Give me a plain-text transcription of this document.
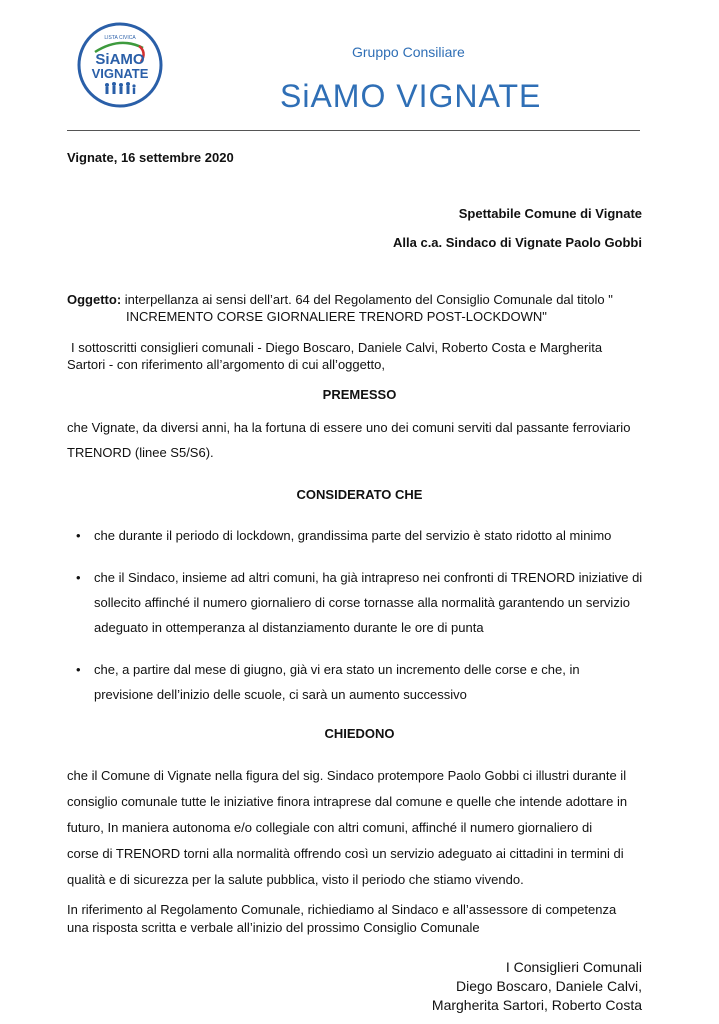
LISTA CIVICA
SiAMO
VIGNATE
Gruppo Consiliare
SiAMO VIGNATE
Vignate, 16 settembre 2020
Spettabile Comune di Vignate
Alla c.a. Sindaco di Vignate Paolo Gobbi
Oggetto: interpellanza ai sensi dell’art. 64 del Regolamento del Consiglio Comunale dal titolo "
INCREMENTO CORSE GIORNALIERE TRENORD POST-LOCKDOWN"
I sottoscritti consiglieri comunali - Diego Boscaro, Daniele Calvi, Roberto Costa e Margherita
Sartori - con riferimento all’argomento di cui all’oggetto,
PREMESSO
che Vignate, da diversi anni, ha la fortuna di essere uno dei comuni serviti dal passante ferroviario
TRENORD (linee S5/S6).
CONSIDERATO CHE
• che durante il periodo di lockdown, grandissima parte del servizio è stato ridotto al minimo
• che il Sindaco, insieme ad altri comuni, ha già intrapreso nei confronti di TRENORD iniziative di
sollecito affinché il numero giornaliero di corse tornasse alla normalità garantendo un servizio
adeguato in ottemperanza al distanziamento durante le ore di punta
• che, a partire dal mese di giugno, già vi era stato un incremento delle corse e che, in
previsione dell’inizio delle scuole, ci sarà un aumento successivo
CHIEDONO
che il Comune di Vignate nella figura del sig. Sindaco protempore Paolo Gobbi ci illustri durante il
consiglio comunale tutte le iniziative finora intraprese dal comune e quelle che intende adottare in
futuro, In maniera autonoma e/o collegiale con altri comuni, affinché il numero giornaliero di
corse di TRENORD torni alla normalità offrendo così un servizio adeguato ai cittadini in termini di
qualità e di sicurezza per la salute pubblica, visto il periodo che stiamo vivendo.
In riferimento al Regolamento Comunale, richiediamo al Sindaco e all’assessore di competenza
una risposta scritta e verbale all’inizio del prossimo Consiglio Comunale
I Consiglieri Comunali
Diego Boscaro, Daniele Calvi,
Margherita Sartori, Roberto Costa
